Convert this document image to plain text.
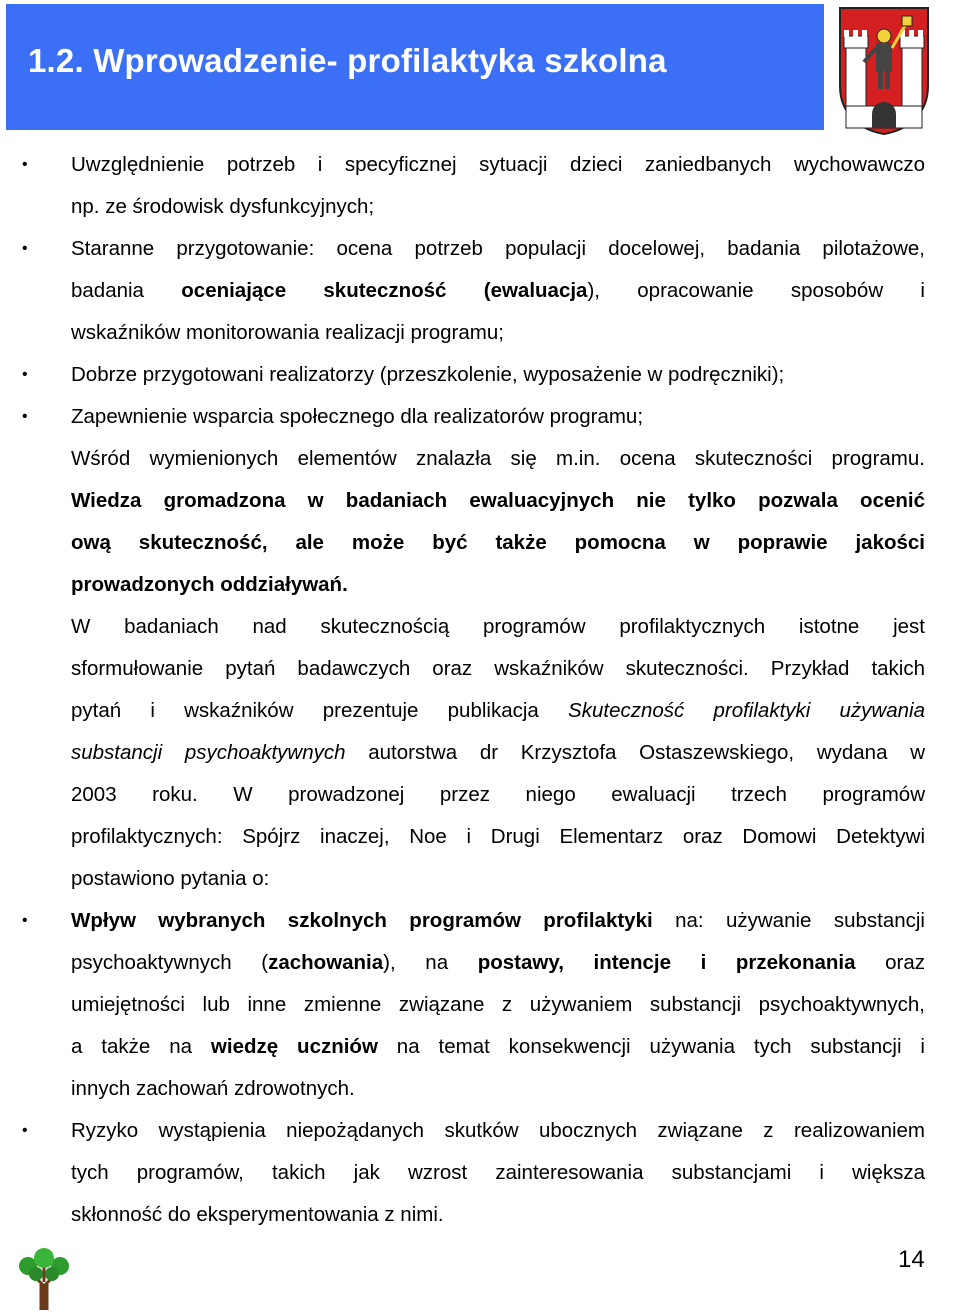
1.2. Wprowadzenie- profilaktyka szkolna
• Uwzględnienie potrzeb i specyficznej sytuacji dzieci zaniedbanych wychowawczo
np. ze środowisk dysfunkcyjnych;
• Staranne przygotowanie: ocena potrzeb populacji docelowej, badania pilotażowe,
badania oceniające skuteczność (ewaluacja), opracowanie sposobów i
wskaźników monitorowania realizacji programu;
• Dobrze przygotowani realizatorzy (przeszkolenie, wyposażenie w podręczniki);
• Zapewnienie wsparcia społecznego dla realizatorów programu;
Wśród wymienionych elementów znalazła się m.in. ocena skuteczności programu.
Wiedza gromadzona w badaniach ewaluacyjnych nie tylko pozwala ocenić
ową skuteczność, ale może być także pomocna w poprawie jakości
prowadzonych oddziaływań.
W badaniach nad skutecznością programów profilaktycznych istotne jest
sformułowanie pytań badawczych oraz wskaźników skuteczności. Przykład takich
pytań i wskaźników prezentuje publikacja Skuteczność profilaktyki używania
substancji psychoaktywnych autorstwa dr Krzysztofa Ostaszewskiego, wydana w
2003 roku. W prowadzonej przez niego ewaluacji trzech programów
profilaktycznych: Spójrz inaczej, Noe i Drugi Elementarz oraz Domowi Detektywi
postawiono pytania o:
• Wpływ wybranych szkolnych programów profilaktyki na: używanie substancji
psychoaktywnych (zachowania), na postawy, intencje i przekonania oraz
umiejętności lub inne zmienne związane z używaniem substancji psychoaktywnych,
a także na wiedzę uczniów na temat konsekwencji używania tych substancji i
innych zachowań zdrowotnych.
• Ryzyko wystąpienia niepożądanych skutków ubocznych związane z realizowaniem
tych programów, takich jak wzrost zainteresowania substancjami i większa
skłonność do eksperymentowania z nimi.
14
